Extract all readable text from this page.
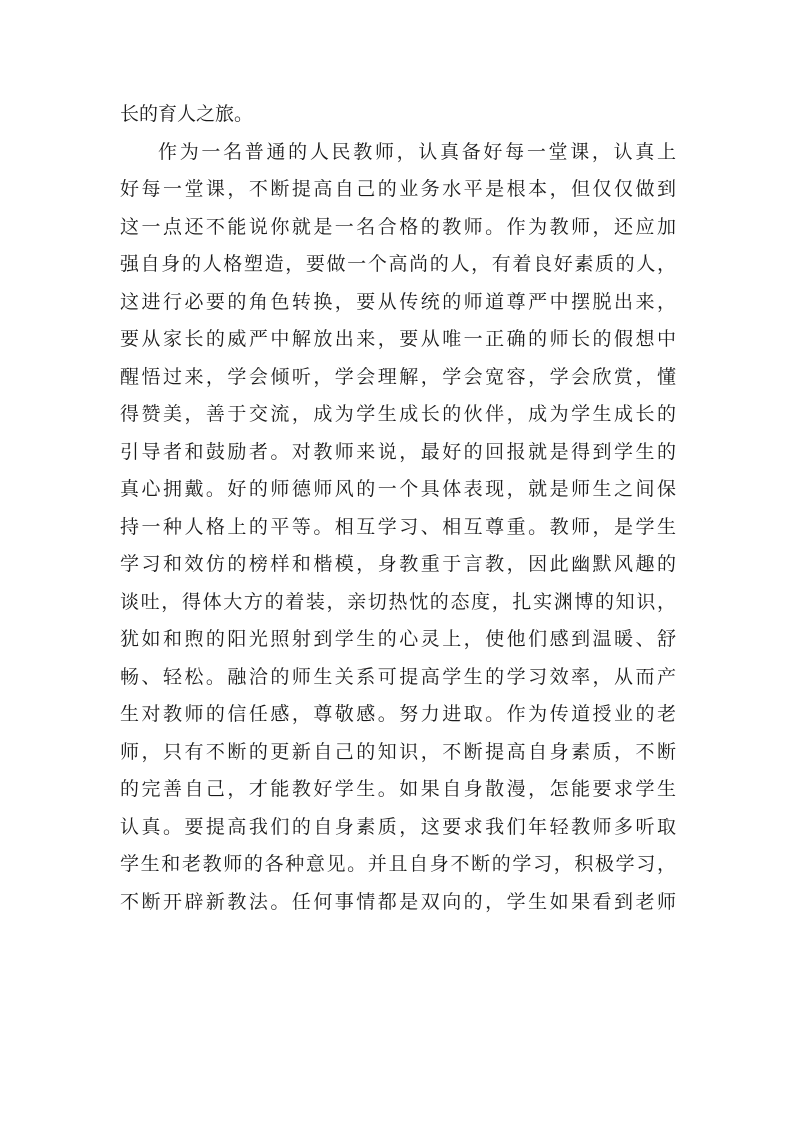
长的育人之旅。
作为一名普通的人民教师，认真备好每一堂课，认真上
好每一堂课，不断提高自己的业务水平是根本，但仅仅做到
这一点还不能说你就是一名合格的教师。作为教师，还应加
强自身的人格塑造，要做一个高尚的人，有着良好素质的人，
这进行必要的角色转换，要从传统的师道尊严中摆脱出来，
要从家长的威严中解放出来，要从唯一正确的师长的假想中
醒悟过来，学会倾听，学会理解，学会宽容，学会欣赏，懂
得赞美，善于交流，成为学生成长的伙伴，成为学生成长的
引导者和鼓励者。对教师来说，最好的回报就是得到学生的
真心拥戴。好的师德师风的一个具体表现，就是师生之间保
持一种人格上的平等。相互学习、相互尊重。教师，是学生
学习和效仿的榜样和楷模，身教重于言教，因此幽默风趣的
谈吐，得体大方的着装，亲切热忱的态度，扎实渊博的知识，
犹如和煦的阳光照射到学生的心灵上，使他们感到温暖、舒
畅、轻松。融洽的师生关系可提高学生的学习效率，从而产
生对教师的信任感，尊敬感。努力进取。作为传道授业的老
师，只有不断的更新自己的知识，不断提高自身素质，不断
的完善自己，才能教好学生。如果自身散漫，怎能要求学生
认真。要提高我们的自身素质，这要求我们年轻教师多听取
学生和老教师的各种意见。并且自身不断的学习，积极学习，
不断开辟新教法。任何事情都是双向的，学生如果看到老师
